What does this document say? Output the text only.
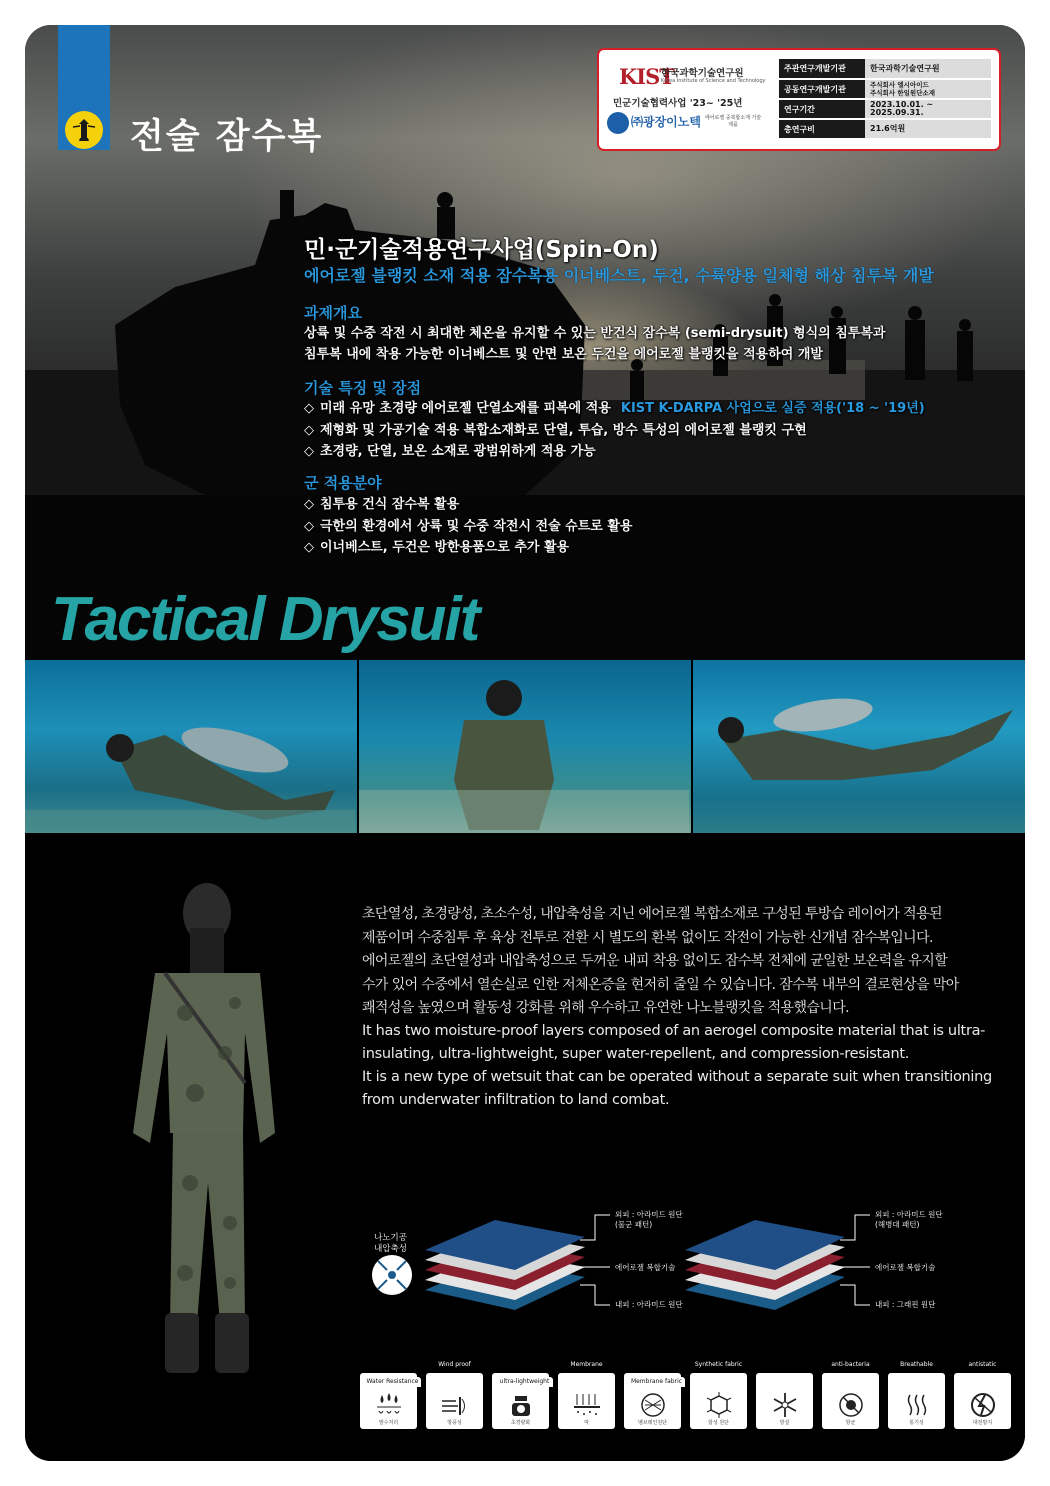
전술 잠수복
KIST
한국과학기술연구원
Korea Institute of Science and Technology
민군기술협력사업 '23~ '25년
㈜광장이노텍 에어로젤 중복합소재 기술제품
주관연구개발기관	한국과학기술연구원
공동연구개발기관	주식회사 엘시아이드
주식회사 한일원단소재
연구기간	2023.10.01. ~ 2025.09.31.
총연구비	21.6억원
민·군기술적용연구사업(Spin-On)
에어로젤 블랭킷 소재 적용 잠수복용 이너베스트, 두건, 수륙양용 일체형 해상 침투복 개발
과제개요
상륙 및 수중 작전 시 최대한 체온을 유지할 수 있는 반건식 잠수복 (semi-drysuit) 형식의 침투복과
침투복 내에 착용 가능한 이너베스트 및 안면 보온 두건을 에어로젤 블랭킷을 적용하여 개발
기술 특징 및 장점
◇ 미래 유망 초경량 에어로젤 단열소재를 피복에 적용 KIST K-DARPA 사업으로 실증 적용('18 ~ '19년)
◇ 제형화 및 가공기술 적용 복합소재화로 단열, 투습, 방수 특성의 에어로젤 블랭킷 구현
◇ 초경량, 단열, 보온 소재로 광범위하게 적용 가능
군 적용분야
◇ 침투용 건식 잠수복 활용
◇ 극한의 환경에서 상륙 및 수중 작전시 전술 슈트로 활용
◇ 이너베스트, 두건은 방한용품으로 추가 활용
Tactical Drysuit
초단열성, 초경량성, 초소수성, 내압축성을 지닌 에어로젤 복합소재로 구성된 투방습 레이어가 적용된
제품이며 수중침투 후 육상 전투로 전환 시 별도의 환복 없이도 작전이 가능한 신개념 잠수복입니다.
에어로젤의 초단열성과 내압축성으로 두꺼운 내피 착용 없이도 잠수복 전체에 균일한 보온력을 유지할
수가 있어 수중에서 열손실로 인한 저체온증을 현저히 줄일 수 있습니다. 잠수복 내부의 결로현상을 막아
쾌적성을 높였으며 활동성 강화를 위해 우수하고 유연한 나노블랭킷을 적용했습니다.
It has two moisture-proof layers composed of an aerogel composite material that is ultra-
insulating, ultra-lightweight, super water-repellent, and compression-resistant.
It is a new type of wetsuit that can be operated without a separate suit when transitioning
from underwater infiltration to land combat.
나노기공
내압축성
외피 : 아라미드 원단
(물군 패턴)
에어로젤 복합기술
내피 : 아라미드 원단
외피 : 아라미드 원단
(해병대 패턴)
에어로젤 복합기술
내피 : 그래핀 원단
Water Resistance
발수처리
Wind proof
방풍성
ultra-lightweight
초경량화
Membrane
막
Membrane fabric
멤브레인원단
Synthetic fabric
합성 원단	방설
anti-bacteria
항균
Breathable
통기성
antistatic
대전방지
